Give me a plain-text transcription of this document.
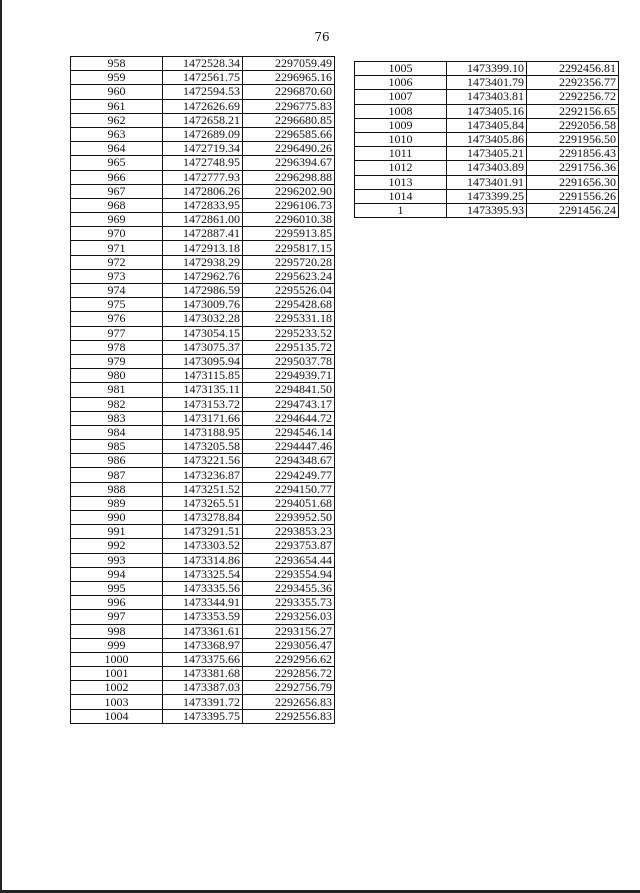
76
958	1472528.34	2297059.49
959	1472561.75	2296965.16
960	1472594.53	2296870.60
961	1472626.69	2296775.83
962	1472658.21	2296680.85
963	1472689.09	2296585.66
964	1472719.34	2296490.26
965	1472748.95	2296394.67
966	1472777.93	2296298.88
967	1472806.26	2296202.90
968	1472833.95	2296106.73
969	1472861.00	2296010.38
970	1472887.41	2295913.85
971	1472913.18	2295817.15
972	1472938.29	2295720.28
973	1472962.76	2295623.24
974	1472986.59	2295526.04
975	1473009.76	2295428.68
976	1473032.28	2295331.18
977	1473054.15	2295233.52
978	1473075.37	2295135.72
979	1473095.94	2295037.78
980	1473115.85	2294939.71
981	1473135.11	2294841.50
982	1473153.72	2294743.17
983	1473171.66	2294644.72
984	1473188.95	2294546.14
985	1473205.58	2294447.46
986	1473221.56	2294348.67
987	1473236.87	2294249.77
988	1473251.52	2294150.77
989	1473265.51	2294051.68
990	1473278.84	2293952.50
991	1473291.51	2293853.23
992	1473303.52	2293753.87
993	1473314.86	2293654.44
994	1473325.54	2293554.94
995	1473335.56	2293455.36
996	1473344.91	2293355.73
997	1473353.59	2293256.03
998	1473361.61	2293156.27
999	1473368.97	2293056.47
1000	1473375.66	2292956.62
1001	1473381.68	2292856.72
1002	1473387.03	2292756.79
1003	1473391.72	2292656.83
1004	1473395.75	2292556.83
1005	1473399.10	2292456.81
1006	1473401.79	2292356.77
1007	1473403.81	2292256.72
1008	1473405.16	2292156.65
1009	1473405.84	2292056.58
1010	1473405.86	2291956.50
1011	1473405.21	2291856.43
1012	1473403.89	2291756.36
1013	1473401.91	2291656.30
1014	1473399.25	2291556.26
1	1473395.93	2291456.24
